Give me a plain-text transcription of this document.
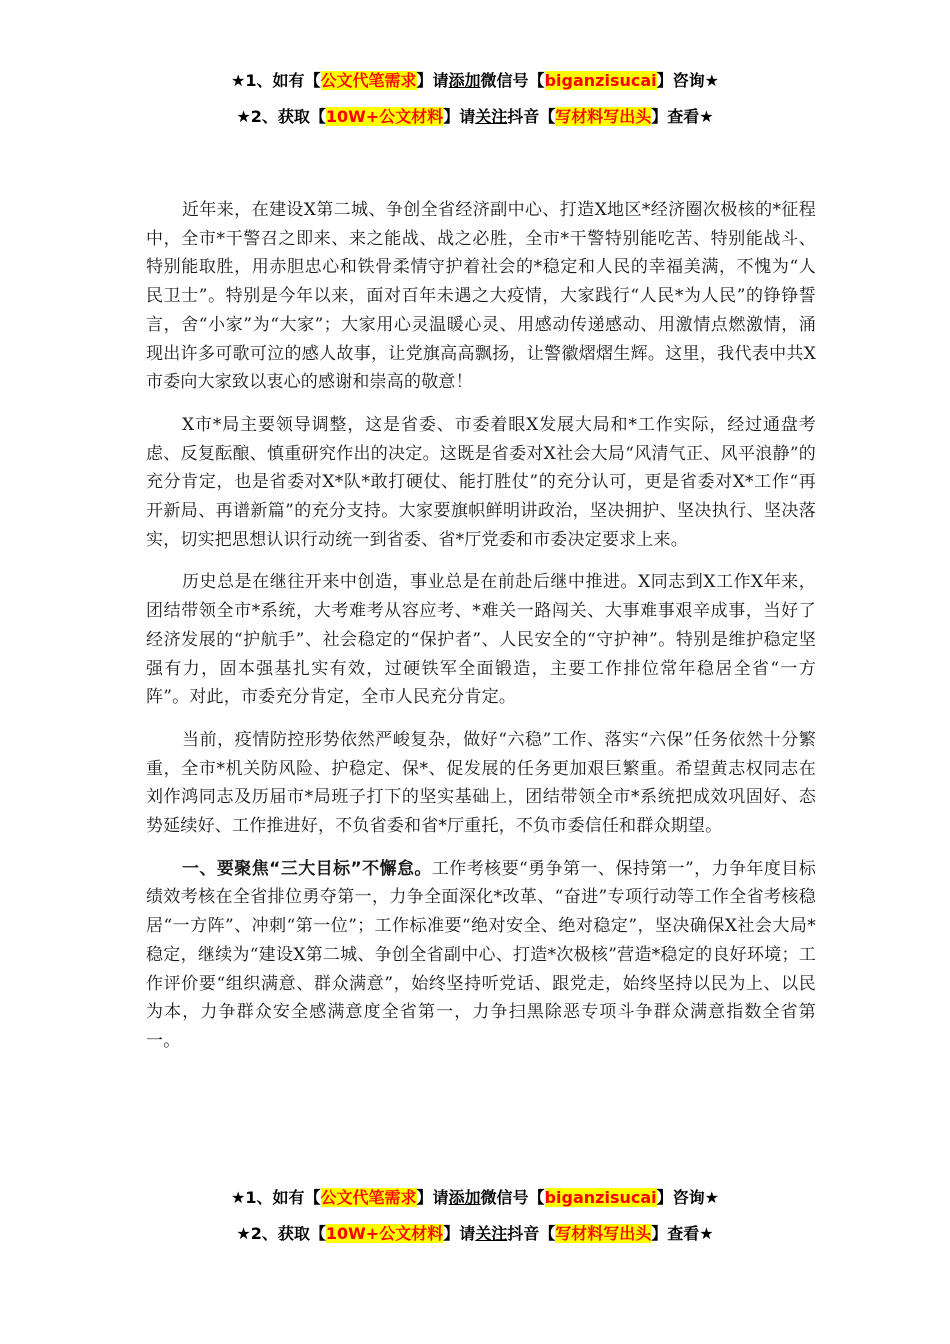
★1、如有【公文代笔需求】请添加微信号【biganzisucai】咨询★
★2、获取【10W+公文材料】请关注抖音【写材料写出头】查看★

近年来，在建设X第二城、争创全省经济副中心、打造X地区*经济圈次极核的*征程中，全市*干警召之即来、来之能战、战之必胜，全市*干警特别能吃苦、特别能战斗、特别能取胜，用赤胆忠心和铁骨柔情守护着社会的*稳定和人民的幸福美满，不愧为“人民卫士”。特别是今年以来，面对百年未遇之大疫情，大家践行“人民*为人民”的铮铮誓言，舍“小家”为“大家”；大家用心灵温暖心灵、用感动传递感动、用激情点燃激情，涌现出许多可歌可泣的感人故事，让党旗高高飘扬，让警徽熠熠生辉。这里，我代表中共X市委向大家致以衷心的感谢和崇高的敬意！

X市*局主要领导调整，这是省委、市委着眼X发展大局和*工作实际，经过通盘考虑、反复酝酿、慎重研究作出的决定。这既是省委对X社会大局“风清气正、风平浪静”的充分肯定，也是省委对X*队*敢打硬仗、能打胜仗”的充分认可，更是省委对X*工作“再开新局、再谱新篇”的充分支持。大家要旗帜鲜明讲政治，坚决拥护、坚决执行、坚决落实，切实把思想认识行动统一到省委、省*厅党委和市委决定要求上来。

历史总是在继往开来中创造，事业总是在前赴后继中推进。X同志到X工作X年来，团结带领全市*系统，大考难考从容应考、*难关一路闯关、大事难事艰辛成事，当好了经济发展的“护航手”、社会稳定的“保护者”、人民安全的“守护神”。特别是维护稳定坚强有力，固本强基扎实有效，过硬铁军全面锻造，主要工作排位常年稳居全省“一方阵”。对此，市委充分肯定，全市人民充分肯定。

当前，疫情防控形势依然严峻复杂，做好“六稳”工作、落实“六保”任务依然十分繁重，全市*机关防风险、护稳定、保*、促发展的任务更加艰巨繁重。希望黄志权同志在刘作鸿同志及历届市*局班子打下的坚实基础上，团结带领全市*系统把成效巩固好、态势延续好、工作推进好，不负省委和省*厅重托，不负市委信任和群众期望。

一、要聚焦“三大目标”不懈怠。工作考核要“勇争第一、保持第一”，力争年度目标绩效考核在全省排位勇夺第一，力争全面深化*改革、“奋进”专项行动等工作全省考核稳居“一方阵”、冲刺“第一位”；工作标准要“绝对安全、绝对稳定”，坚决确保X社会大局*稳定，继续为“建设X第二城、争创全省副中心、打造*次极核”营造*稳定的良好环境；工作评价要“组织满意、群众满意”，始终坚持听党话、跟党走，始终坚持以民为上、以民为本，力争群众安全感满意度全省第一，力争扫黑除恶专项斗争群众满意指数全省第一。

★1、如有【公文代笔需求】请添加微信号【biganzisucai】咨询★
★2、获取【10W+公文材料】请关注抖音【写材料写出头】查看★
